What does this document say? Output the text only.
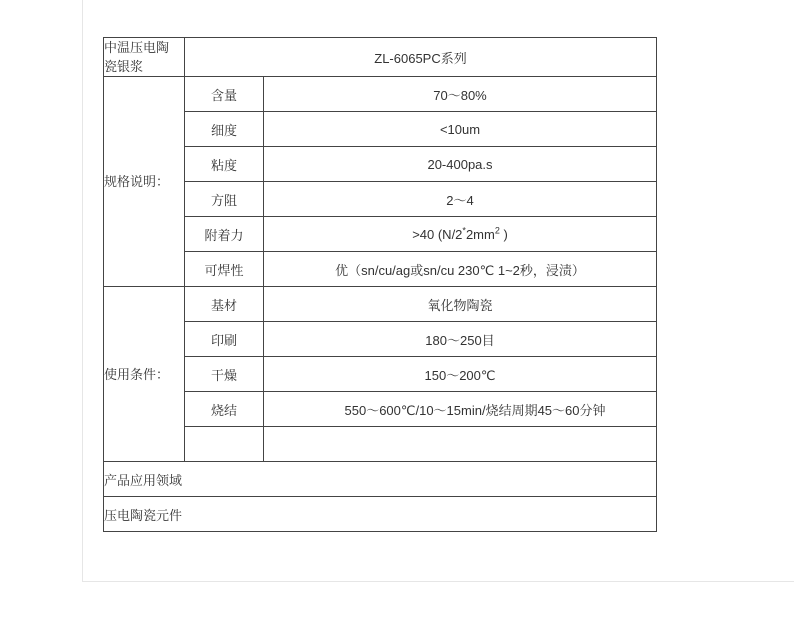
中温压电陶
瓷银浆	ZL-6065PC系列	
规格说明：	含量	70～80%
	细度	<10um
	粘度	20-400pa.s
	方阻	2～4
	附着力	>40 ($N/2^*2mm^2$ )
	可焊性	优（sn/cu/ag或sn/cu 230℃ 1~2秒，浸渍）
使用条件：	基材	氧化物陶瓷
	印刷	180～250目
	干燥	150～200℃
	烧结	550～600℃/10～15min/烧结周期45～60分钟

产品应用领域		
压电陶瓷元件		
